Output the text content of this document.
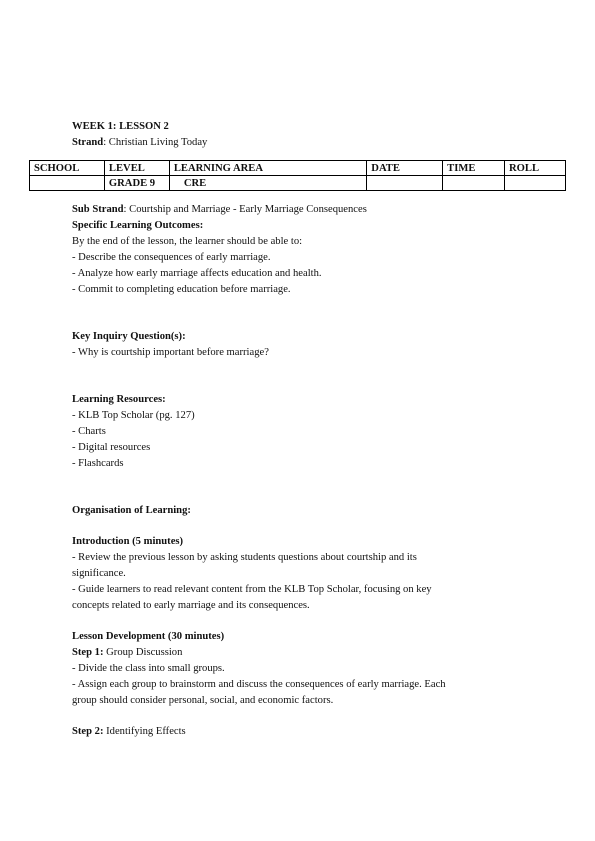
WEEK 1: LESSON 2
Strand: Christian Living Today
SCHOOL	LEVEL	LEARNING AREA	DATE	TIME	ROLL
	GRADE 9	CRE			
Sub Strand: Courtship and Marriage - Early Marriage Consequences
Specific Learning Outcomes:
By the end of the lesson, the learner should be able to:
- Describe the consequences of early marriage.
- Analyze how early marriage affects education and health.
- Commit to completing education before marriage.
Key Inquiry Question(s):
- Why is courtship important before marriage?
Learning Resources:
- KLB Top Scholar (pg. 127)
- Charts
- Digital resources
- Flashcards
Organisation of Learning:
Introduction (5 minutes)
- Review the previous lesson by asking students questions about courtship and its
significance.
- Guide learners to read relevant content from the KLB Top Scholar, focusing on key
concepts related to early marriage and its consequences.
Lesson Development (30 minutes)
Step 1: Group Discussion
- Divide the class into small groups.
- Assign each group to brainstorm and discuss the consequences of early marriage. Each
group should consider personal, social, and economic factors.
Step 2: Identifying Effects
